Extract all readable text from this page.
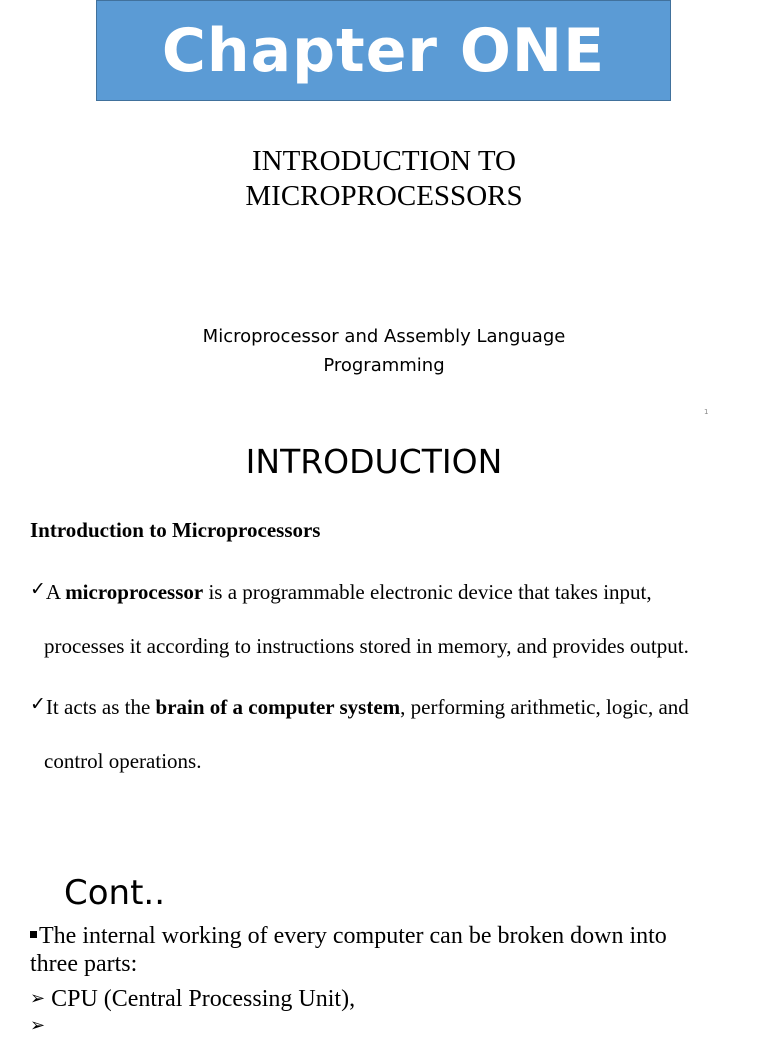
Chapter ONE
INTRODUCTION TO
MICROPROCESSORS
Microprocessor and Assembly Language
Programming
1
INTRODUCTION
Introduction to Microprocessors
✓A microprocessor is a programmable electronic device that takes input,
processes it according to instructions stored in memory, and provides output.
✓It acts as the brain of a computer system, performing arithmetic, logic, and
control operations.
Cont..
The internal working of every computer can be broken down into
three parts:
➢ CPU (Central Processing Unit),
➢
